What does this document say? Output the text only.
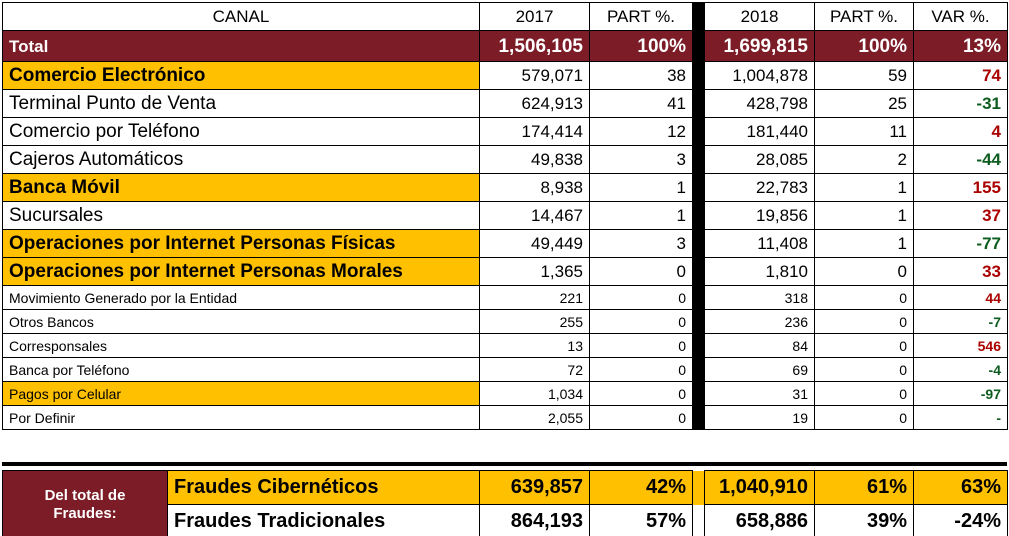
CANAL	2017	PART %.		2018	PART %.	VAR %.
Total	1,506,105	100%		1,699,815	100%	13%
Comercio Electrónico	579,071	38		1,004,878	59	74
Terminal Punto de Venta	624,913	41		428,798	25	-31
Comercio por Teléfono	174,414	12		181,440	11	4
Cajeros Automáticos	49,838	3		28,085	2	-44
Banca Móvil	8,938	1		22,783	1	155
Sucursales	14,467	1		19,856	1	37
Operaciones por Internet Personas Físicas	49,449	3		11,408	1	-77
Operaciones por Internet Personas Morales	1,365	0		1,810	0	33
Movimiento Generado por la Entidad	221	0		318	0	44
Otros Bancos	255	0		236	0	-7
Corresponsales	13	0		84	0	546
Banca por Teléfono	72	0		69	0	-4
Pagos por Celular	1,034	0		31	0	-97
Por Definir	2,055	0		19	0	-
Del total de
Fraudes:	Fraudes Cibernéticos	639,857	42%		1,040,910	61%	63%
	Fraudes Tradicionales	864,193	57%		658,886	39%	-24%
